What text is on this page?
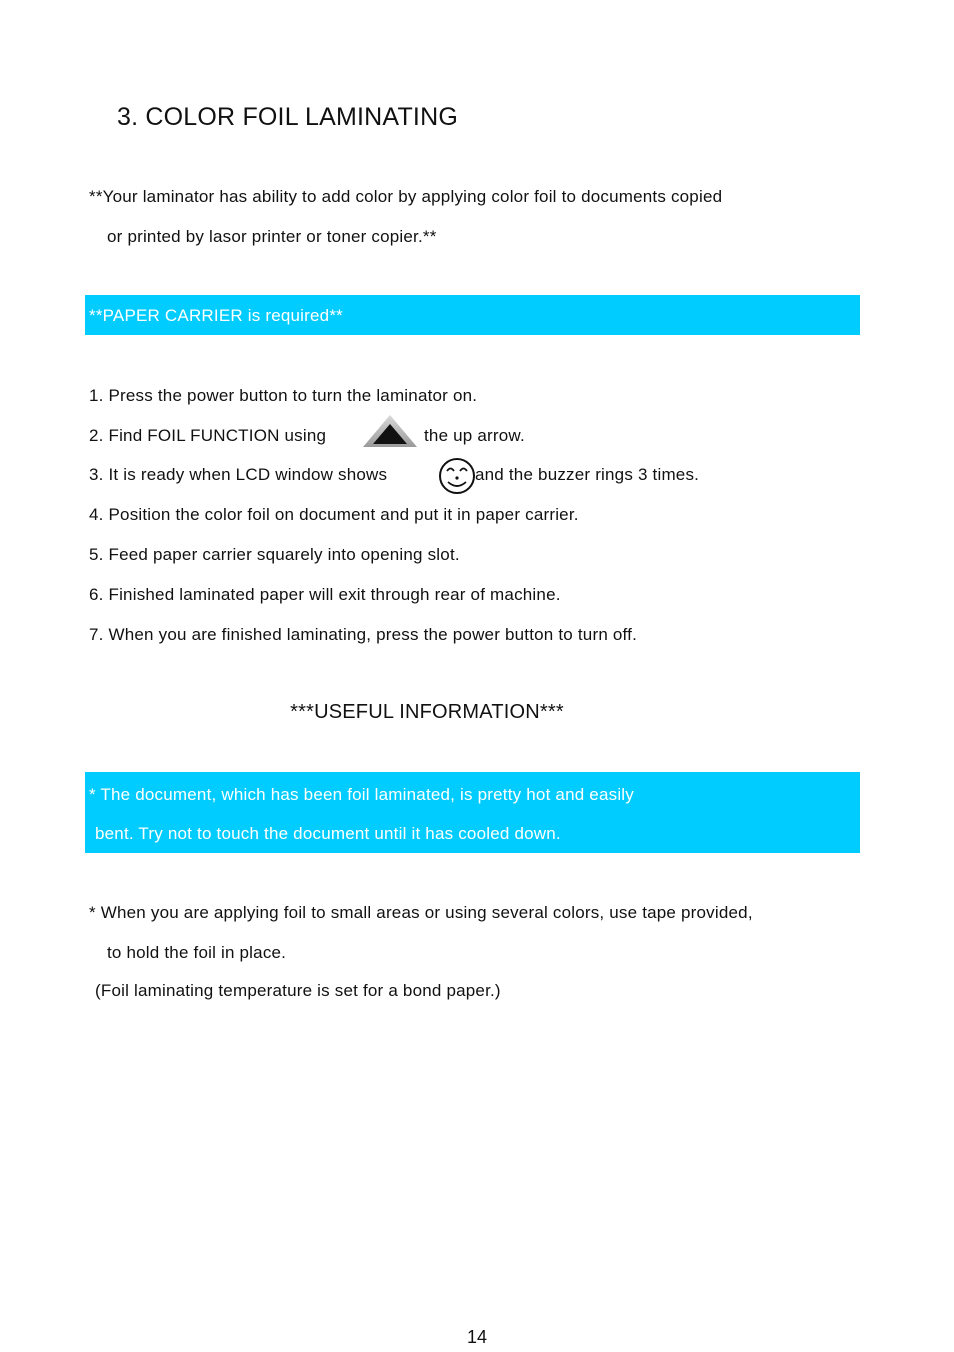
3. COLOR FOIL LAMINATING
**Your laminator has ability to add color by applying color foil to documents copied
or printed by lasor printer or toner copier.**
**PAPER CARRIER is required**
1. Press the power button to turn the laminator on.
2. Find FOIL FUNCTION using	the up arrow.
3. It is ready when LCD window shows	and the buzzer rings 3 times.
4. Position the color foil on document and put it in paper carrier.
5. Feed paper carrier squarely into opening slot.
6. Finished laminated paper will exit through rear of machine.
7. When you are finished laminating, press the power button to turn off.
***USEFUL INFORMATION***
* The document, which has been foil laminated, is pretty hot and easily
bent. Try not to touch the document until it has cooled down.
* When you are applying foil to small areas or using several colors, use tape provided,
to hold the foil in place.
(Foil laminating temperature is set for a bond paper.)
14
